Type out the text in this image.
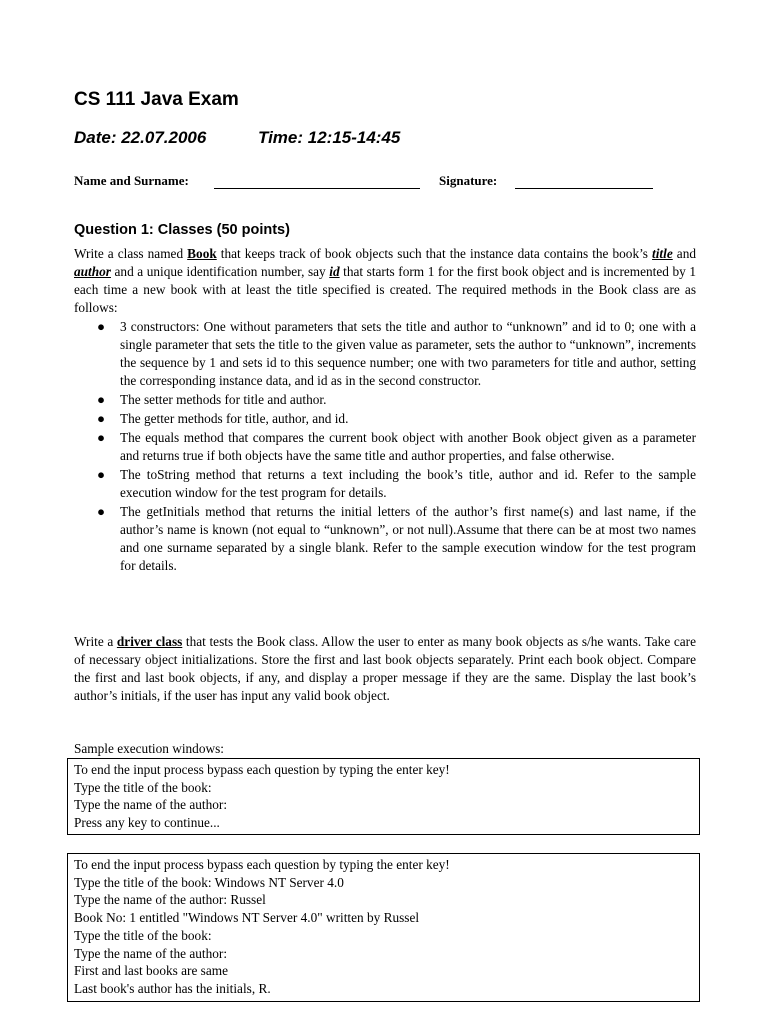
CS 111 Java Exam
Date: 22.07.2006	Time: 12:15-14:45
Name and Surname:	Signature:
Question 1: Classes (50 points)

Write a class named Book that keeps track of book objects such that the instance data contains the book’s title and author and a unique identification number, say id that starts form 1 for the first book object and is incremented by 1 each time a new book with at least the title specified is created. The required methods in the Book class are as follows:

● 3 constructors: One without parameters that sets the title and author to “unknown” and id to 0; one with a single parameter that sets the title to the given value as parameter, sets the author to “unknown”, increments the sequence by 1 and sets id to this sequence number; one with two parameters for title and author, setting the corresponding instance data, and id as in the second constructor.
● The setter methods for title and author.
● The getter methods for title, author, and id.
● The equals method that compares the current book object with another Book object given as a parameter and returns true if both objects have the same title and author properties, and false otherwise.
● The toString method that returns a text including the book’s title, author and id. Refer to the sample execution window for the test program for details.
● The getInitials method that returns the initial letters of the author’s first name(s) and last name, if the author’s name is known (not equal to “unknown”, or not null).Assume that there can be at most two names and one surname separated by a single blank. Refer to the sample execution window for the test program for details.

Write a driver class that tests the Book class. Allow the user to enter as many book objects as s/he wants. Take care of necessary object initializations. Store the first and last book objects separately. Print each book object. Compare the first and last book objects, if any, and display a proper message if they are the same. Display the last book’s author’s initials, if the user has input any valid book object.

Sample execution windows:

To end the input process bypass each question by typing the enter key!
Type the title of the book:
Type the name of the author:
Press any key to continue...
To end the input process bypass each question by typing the enter key!
Type the title of the book: Windows NT Server 4.0
Type the name of the author: Russel
Book No: 1 entitled "Windows NT Server 4.0" written by Russel
Type the title of the book:
Type the name of the author:
First and last books are same
Last book's author has the initials, R.
